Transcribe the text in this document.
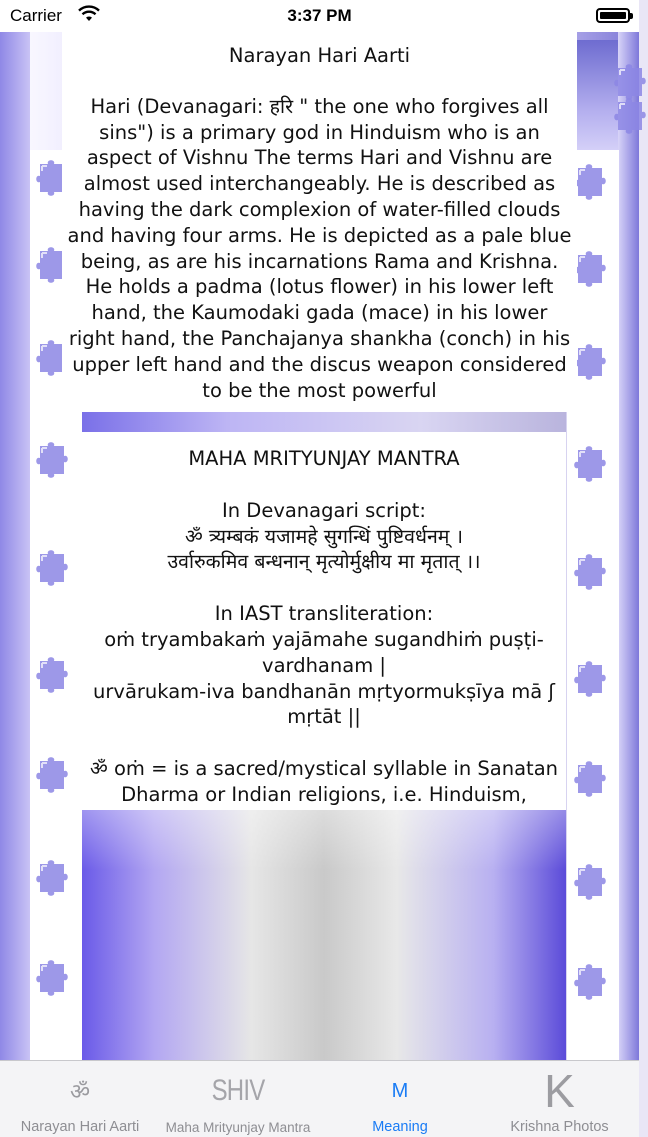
Carrier	3:37 PM
Narayan Hari Aarti
Hari (Devanagari: हरि " the one who forgives all sins") is a primary god in Hinduism who is an aspect of Vishnu The terms Hari and Vishnu are almost used interchangeably. He is described as having the dark complexion of water-filled clouds and having four arms. He is depicted as a pale blue being, as are his incarnations Rama and Krishna. He holds a padma (lotus flower) in his lower left hand, the Kaumodaki gada (mace) in his lower right hand, the Panchajanya shankha (conch) in his upper left hand and the discus weapon considered to be the most powerful
MAHA MRITYUNJAY MANTRA
In Devanagari script:
ॐ त्र्यम्बकं यजामहे सुगन्धिं पुष्टिवर्धनम् ।
उर्वारुकमिव बन्धनान् मृत्योर्मुक्षीय मा मृतात् ।।
In IAST transliteration:
oṁ tryambakaṁ yajāmahe sugandhiṁ puṣṭi-vardhanam |
urvārukam-iva bandhanān mṛtyormukṣīya mā ʃ mṛtāt ||
ॐ oṁ = is a sacred/mystical syllable in Sanatan Dharma or Indian religions, i.e. Hinduism,
ॐ
Narayan Hari Aarti
SHIV
Maha Mrityunjay Mantra
M
Meaning
K
Krishna Photos
